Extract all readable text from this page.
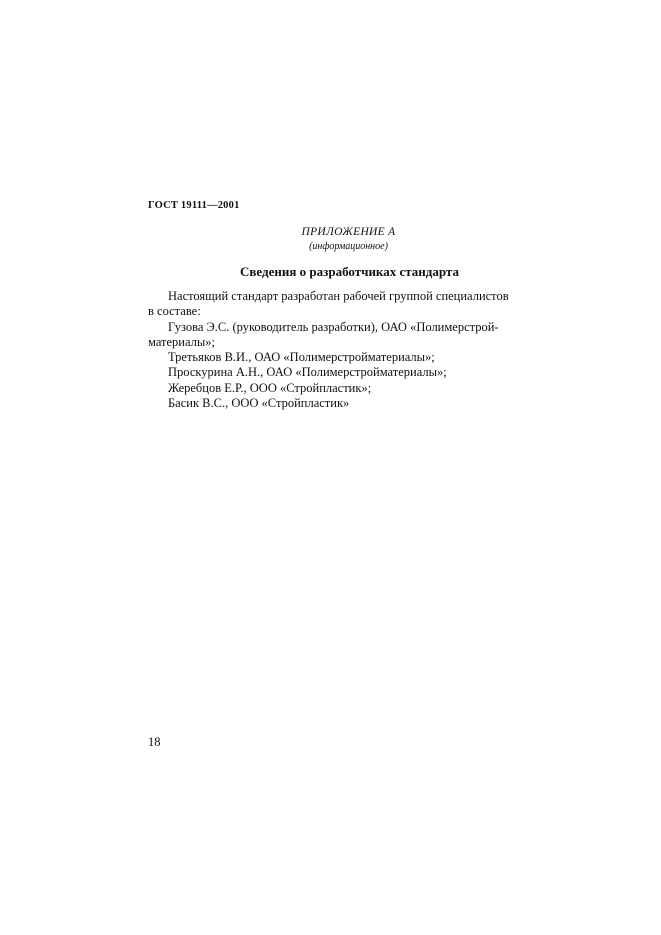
ГОСТ 19111—2001
ПРИЛОЖЕНИЕ А
(информационное)
Сведения о разработчиках стандарта

Настоящий стандарт разработан рабочей группой специалистов

в составе:

Гузова Э.С. (руководитель разработки), ОАО «Полимерстрой-

материалы»;

Третьяков В.И., ОАО «Полимерстройматериалы»;

Проскурина А.Н., ОАО «Полимерстройматериалы»;

Жеребцов Е.Р., ООО «Стройпластик»;

Басик В.С., ООО «Стройпластик»

18
